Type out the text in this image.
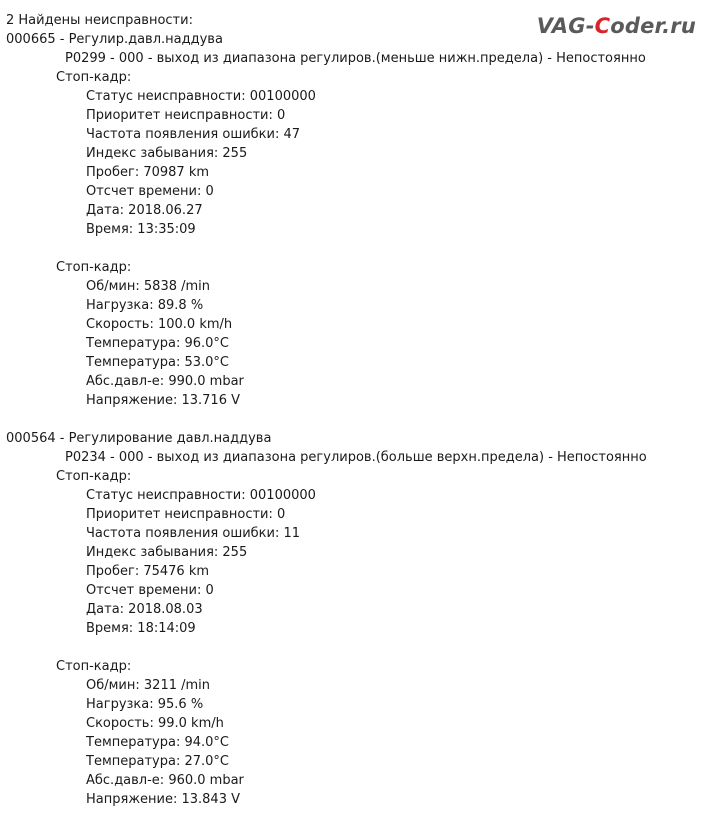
VAG-Coder.ru
2 Найдены неисправности:
000665 - Регулир.давл.наддува
P0299 - 000 - выход из диапазона регулиров.(меньше нижн.предела) - Непостоянно
Стоп-кадр:
Статус неисправности: 00100000
Приоритет неисправности: 0
Частота появления ошибки: 47
Индекс забывания: 255
Пробег: 70987 km
Отсчет времени: 0
Дата: 2018.06.27
Время: 13:35:09
Стоп-кадр:
Об/мин: 5838 /min
Нагрузка: 89.8 %
Скорость: 100.0 km/h
Температура: 96.0°C
Температура: 53.0°C
Абс.давл-е: 990.0 mbar
Напряжение: 13.716 V
000564 - Регулирование давл.наддува
P0234 - 000 - выход из диапазона регулиров.(больше верхн.предела) - Непостоянно
Стоп-кадр:
Статус неисправности: 00100000
Приоритет неисправности: 0
Частота появления ошибки: 11
Индекс забывания: 255
Пробег: 75476 km
Отсчет времени: 0
Дата: 2018.08.03
Время: 18:14:09
Стоп-кадр:
Об/мин: 3211 /min
Нагрузка: 95.6 %
Скорость: 99.0 km/h
Температура: 94.0°C
Температура: 27.0°C
Абс.давл-е: 960.0 mbar
Напряжение: 13.843 V
